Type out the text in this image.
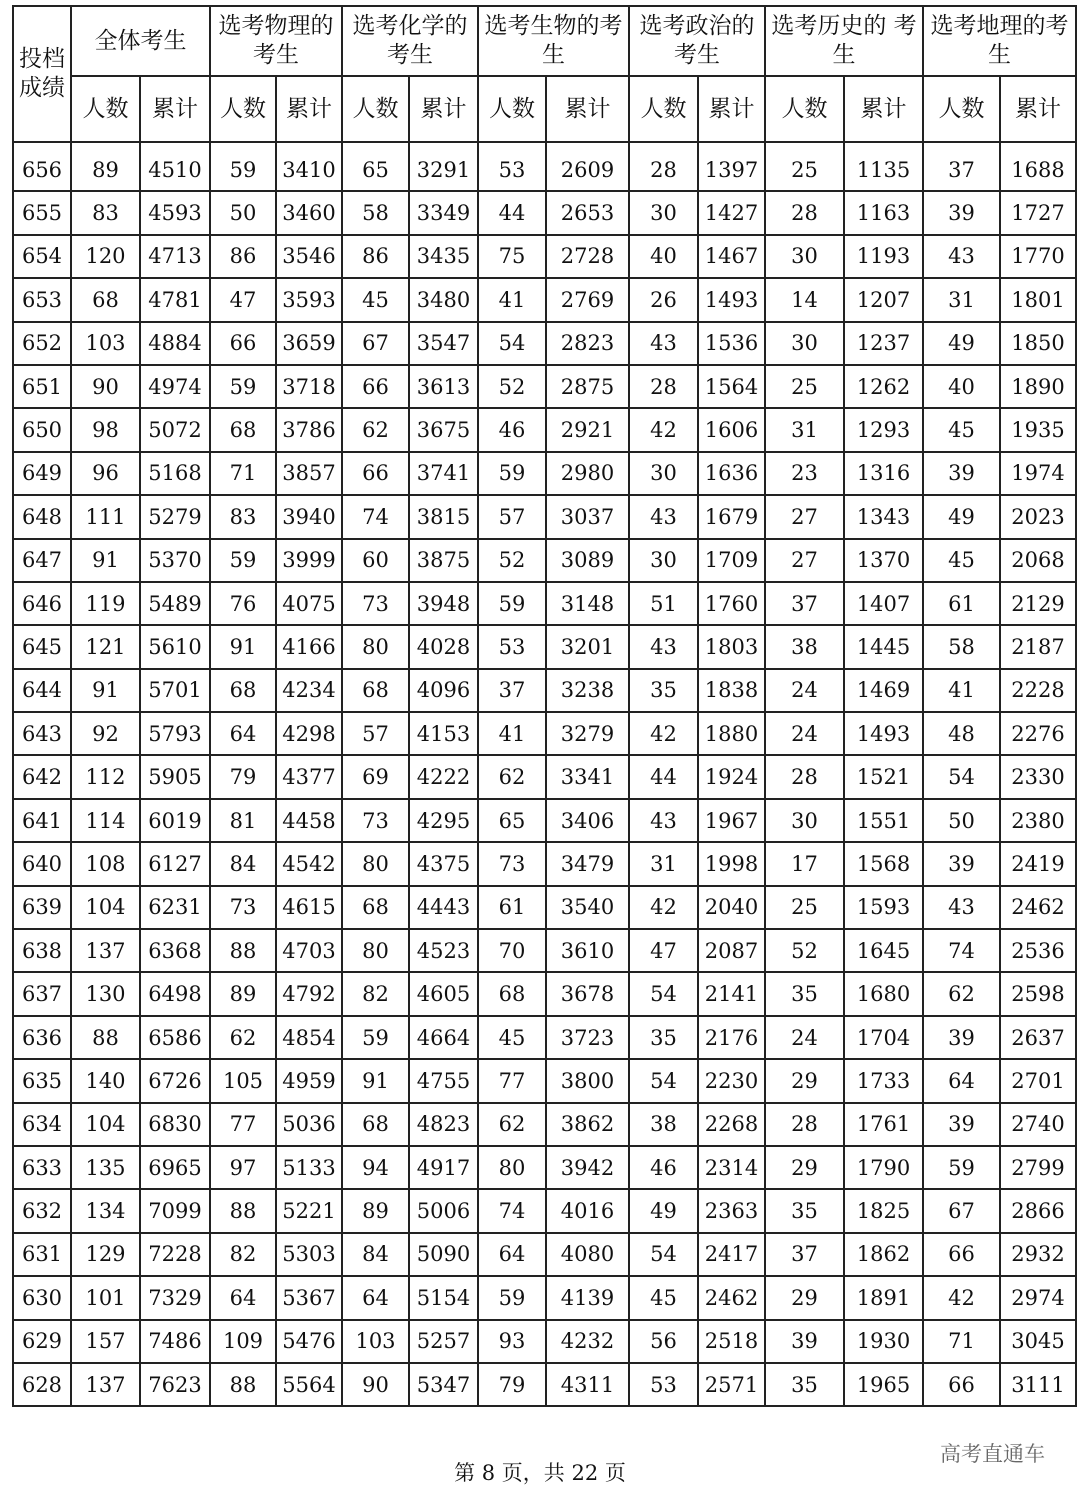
投档成绩	全体考生		选考物理的考生		选考化学的考生		选考生物的考生		选考政治的考生		选考历史的 考生		选考地理的考生	
	人数	累计	人数	累计	人数	累计	人数	累计	人数	累计	人数	累计	人数	累计
656	89	4510	59	3410	65	3291	53	2609	28	1397	25	1135	37	1688
655	83	4593	50	3460	58	3349	44	2653	30	1427	28	1163	39	1727
654	120	4713	86	3546	86	3435	75	2728	40	1467	30	1193	43	1770
653	68	4781	47	3593	45	3480	41	2769	26	1493	14	1207	31	1801
652	103	4884	66	3659	67	3547	54	2823	43	1536	30	1237	49	1850
651	90	4974	59	3718	66	3613	52	2875	28	1564	25	1262	40	1890
650	98	5072	68	3786	62	3675	46	2921	42	1606	31	1293	45	1935
649	96	5168	71	3857	66	3741	59	2980	30	1636	23	1316	39	1974
648	111	5279	83	3940	74	3815	57	3037	43	1679	27	1343	49	2023
647	91	5370	59	3999	60	3875	52	3089	30	1709	27	1370	45	2068
646	119	5489	76	4075	73	3948	59	3148	51	1760	37	1407	61	2129
645	121	5610	91	4166	80	4028	53	3201	43	1803	38	1445	58	2187
644	91	5701	68	4234	68	4096	37	3238	35	1838	24	1469	41	2228
643	92	5793	64	4298	57	4153	41	3279	42	1880	24	1493	48	2276
642	112	5905	79	4377	69	4222	62	3341	44	1924	28	1521	54	2330
641	114	6019	81	4458	73	4295	65	3406	43	1967	30	1551	50	2380
640	108	6127	84	4542	80	4375	73	3479	31	1998	17	1568	39	2419
639	104	6231	73	4615	68	4443	61	3540	42	2040	25	1593	43	2462
638	137	6368	88	4703	80	4523	70	3610	47	2087	52	1645	74	2536
637	130	6498	89	4792	82	4605	68	3678	54	2141	35	1680	62	2598
636	88	6586	62	4854	59	4664	45	3723	35	2176	24	1704	39	2637
635	140	6726	105	4959	91	4755	77	3800	54	2230	29	1733	64	2701
634	104	6830	77	5036	68	4823	62	3862	38	2268	28	1761	39	2740
633	135	6965	97	5133	94	4917	80	3942	46	2314	29	1790	59	2799
632	134	7099	88	5221	89	5006	74	4016	49	2363	35	1825	67	2866
631	129	7228	82	5303	84	5090	64	4080	54	2417	37	1862	66	2932
630	101	7329	64	5367	64	5154	59	4139	45	2462	29	1891	42	2974
629	157	7486	109	5476	103	5257	93	4232	56	2518	39	1930	71	3045
628	137	7623	88	5564	90	5347	79	4311	53	2571	35	1965	66	3111
第 8 页，共 22 页
高考直通车
